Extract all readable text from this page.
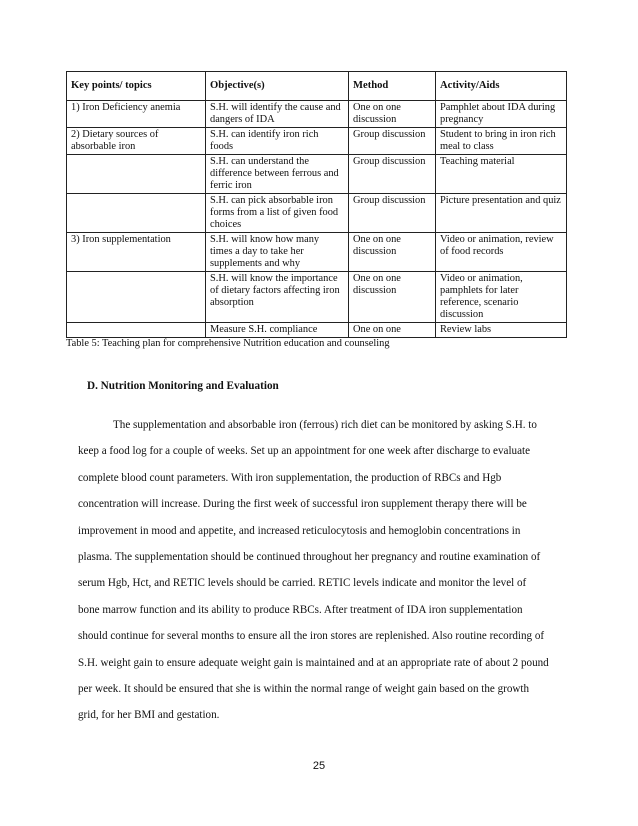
Key points/ topics	Objective(s)	Method	Activity/Aids
1) Iron Deficiency anemia	S.H. will identify the cause and dangers of IDA	One on one discussion	Pamphlet about IDA during pregnancy
2) Dietary sources of absorbable iron	S.H. can identify iron rich foods	Group discussion	Student to bring in iron rich meal to class
	S.H. can understand the difference between ferrous and ferric iron	Group discussion	Teaching material
	S.H. can pick absorbable iron forms from a list of given food choices	Group discussion	Picture presentation and quiz
3) Iron supplementation	S.H. will know how many times a day to take her supplements and why	One on one discussion	Video or animation, review of food records
	S.H. will know the importance of dietary factors affecting iron absorption	One on one discussion	Video or animation, pamphlets for later reference, scenario discussion
	Measure S.H. compliance	One on one	Review labs
Table 5: Teaching plan for comprehensive Nutrition education and counseling
D. Nutrition Monitoring and Evaluation
The supplementation and absorbable iron (ferrous) rich diet can be monitored by asking S.H. to
keep a food log for a couple of weeks. Set up an appointment for one week after discharge to evaluate
complete blood count parameters. With iron supplementation, the production of RBCs and Hgb
concentration will increase. During the first week of successful iron supplement therapy there will be
improvement in mood and appetite, and increased reticulocytosis and hemoglobin concentrations in
plasma. The supplementation should be continued throughout her pregnancy and routine examination of
serum Hgb, Hct, and RETIC levels should be carried. RETIC levels indicate and monitor the level of
bone marrow function and its ability to produce RBCs. After treatment of IDA iron supplementation
should continue for several months to ensure all the iron stores are replenished. Also routine recording of
S.H. weight gain to ensure adequate weight gain is maintained and at an appropriate rate of about 2 pound
per week. It should be ensured that she is within the normal range of weight gain based on the growth
grid, for her BMI and gestation.
25
